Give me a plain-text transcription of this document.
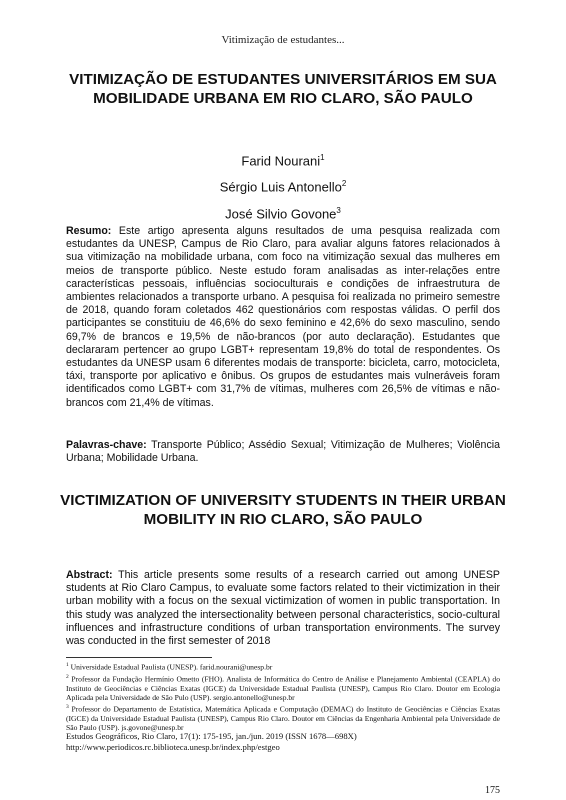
Vitimização de estudantes...
VITIMIZAÇÃO DE ESTUDANTES UNIVERSITÁRIOS EM SUA MOBILIDADE URBANA EM RIO CLARO, SÃO PAULO
Farid Nourani$^1$
Sérgio Luis Antonello$^2$
José Silvio Govone$^3$
Resumo: Este artigo apresenta alguns resultados de uma pesquisa realizada com estudantes da UNESP, Campus de Rio Claro, para avaliar alguns fatores relacionados à sua vitimização na mobilidade urbana, com foco na vitimização sexual das mulheres em meios de transporte público. Neste estudo foram analisadas as inter-relações entre características pessoais, influências socioculturais e condições de infraestrutura de ambientes relacionados a transporte urbano. A pesquisa foi realizada no primeiro semestre de 2018, quando foram coletados 462 questionários com respostas válidas. O perfil dos participantes se constituiu de 46,6% do sexo feminino e 42,6% do sexo masculino, sendo 69,7% de brancos e 19,5% de não-brancos (por auto declaração). Estudantes que declararam pertencer ao grupo LGBT+ representam 19,8% do total de respondentes. Os estudantes da UNESP usam 6 diferentes modais de transporte: bicicleta, carro, motocicleta, táxi, transporte por aplicativo e ônibus. Os grupos de estudantes mais vulneráveis foram identificados como LGBT+ com 31,7% de vítimas, mulheres com 26,5% de vítimas e não-brancos com 21,4% de vítimas.
Palavras-chave: Transporte Público; Assédio Sexual; Vitimização de Mulheres; Violência Urbana; Mobilidade Urbana.
VICTIMIZATION OF UNIVERSITY STUDENTS IN THEIR URBAN MOBILITY IN RIO CLARO, SÃO PAULO
Abstract: This article presents some results of a research carried out among UNESP students at Rio Claro Campus, to evaluate some factors related to their victimization in their urban mobility with a focus on the sexual victimization of women in public transportation. In this study was analyzed the intersectionality between personal characteristics, socio-cultural influences and infrastructure conditions of urban transportation environments. The survey was conducted in the first semester of 2018

$^1$ Universidade Estadual Paulista (UNESP). farid.nourani@unesp.br

$^2$ Professor da Fundação Hermínio Ometto (FHO). Analista de Informática do Centro de Análise e Planejamento Ambiental (CEAPLA) do Instituto de Geociências e Ciências Exatas (IGCE) da Universidade Estadual Paulista (UNESP), Campus Rio Claro. Doutor em Ecologia Aplicada pela Universidade de São Pulo (USP). sergio.antonello@unesp.br

$^3$ Professor do Departamento de Estatística, Matemática Aplicada e Computação (DEMAC) do Instituto de Geociências e Ciências Exatas (IGCE) da Universidade Estadual Paulista (UNESP), Campus Rio Claro. Doutor em Ciências da Engenharia Ambiental pela Universidade de São Paulo (USP). js.govone@unesp.br

Estudos Geográficos, Rio Claro, 17(1): 175-195, jan./jun. 2019 (ISSN 1678—698X)
http://www.periodicos.rc.biblioteca.unesp.br/index.php/estgeo
175
